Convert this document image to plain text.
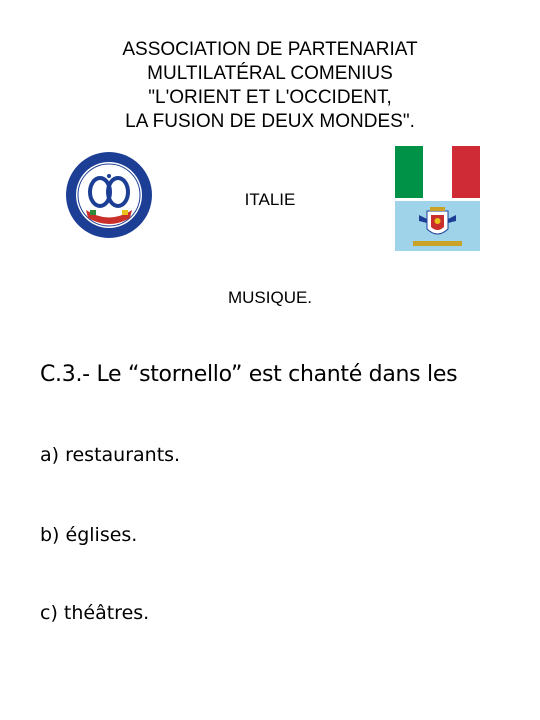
ASSOCIATION DE PARTENARIAT
MULTILATÉRAL COMENIUS
"L'ORIENT ET L'OCCIDENT,
LA FUSION DE DEUX MONDES".
ITALIE
MUSIQUE.
C.3.- Le “stornello” est chanté dans les
a) restaurants.
b) églises.
c) théâtres.
